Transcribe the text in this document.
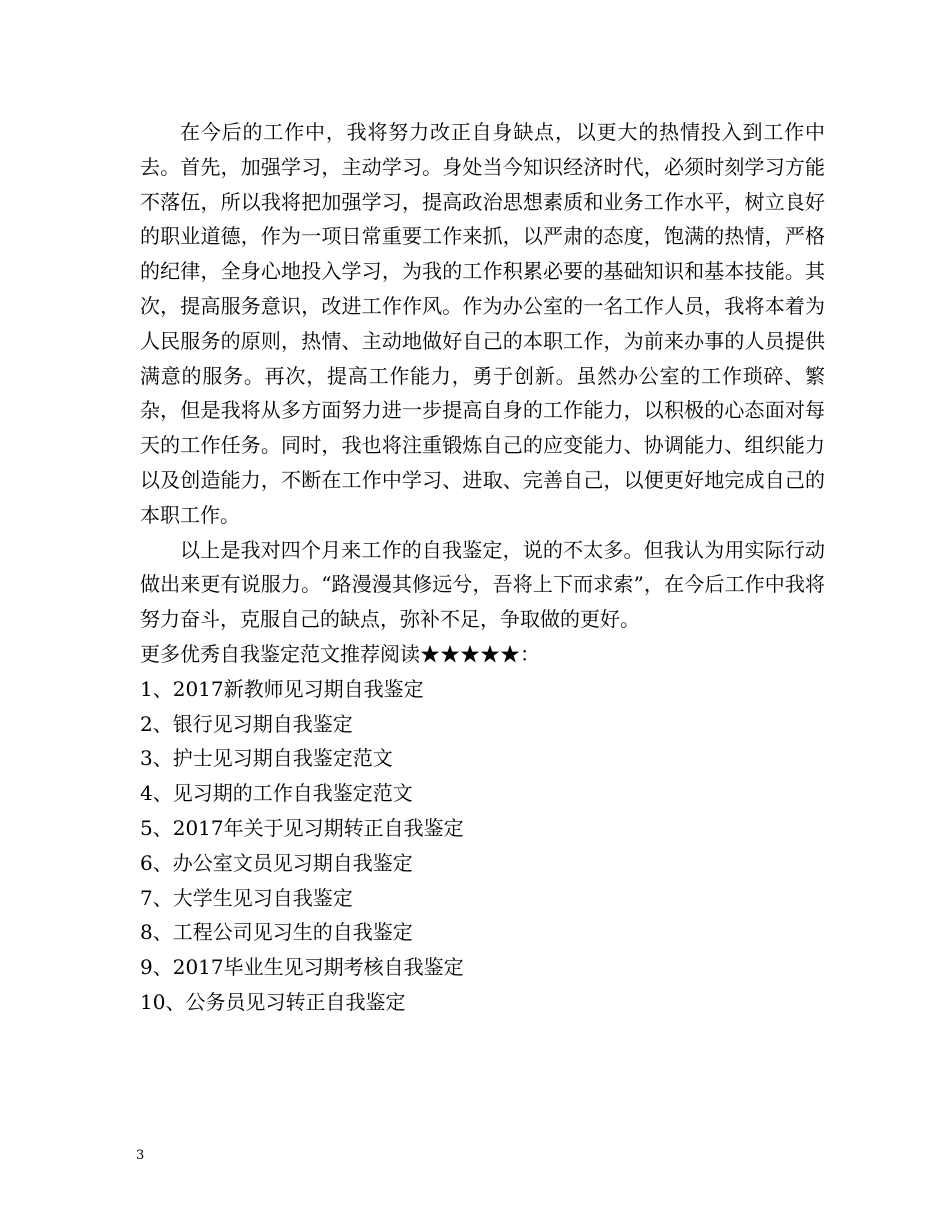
在今后的工作中，我将努力改正自身缺点，以更大的热情投入到工作中去。首先，加强学习，主动学习。身处当今知识经济时代，必须时刻学习方能不落伍，所以我将把加强学习，提高政治思想素质和业务工作水平，树立良好的职业道德，作为一项日常重要工作来抓，以严肃的态度，饱满的热情，严格的纪律，全身心地投入学习，为我的工作积累必要的基础知识和基本技能。其次，提高服务意识，改进工作作风。作为办公室的一名工作人员，我将本着为人民服务的原则，热情、主动地做好自己的本职工作，为前来办事的人员提供满意的服务。再次，提高工作能力，勇于创新。虽然办公室的工作琐碎、繁杂，但是我将从多方面努力进一步提高自身的工作能力，以积极的心态面对每天的工作任务。同时，我也将注重锻炼自己的应变能力、协调能力、组织能力以及创造能力，不断在工作中学习、进取、完善自己，以便更好地完成自己的本职工作。

以上是我对四个月来工作的自我鉴定，说的不太多。但我认为用实际行动做出来更有说服力。“路漫漫其修远兮，吾将上下而求索”，在今后工作中我将努力奋斗，克服自己的缺点，弥补不足，争取做的更好。

更多优秀自我鉴定范文推荐阅读★★★★★：

1、2017新教师见习期自我鉴定

2、银行见习期自我鉴定

3、护士见习期自我鉴定范文

4、见习期的工作自我鉴定范文

5、2017年关于见习期转正自我鉴定

6、办公室文员见习期自我鉴定

7、大学生见习自我鉴定

8、工程公司见习生的自我鉴定

9、2017毕业生见习期考核自我鉴定

10、公务员见习转正自我鉴定

3
